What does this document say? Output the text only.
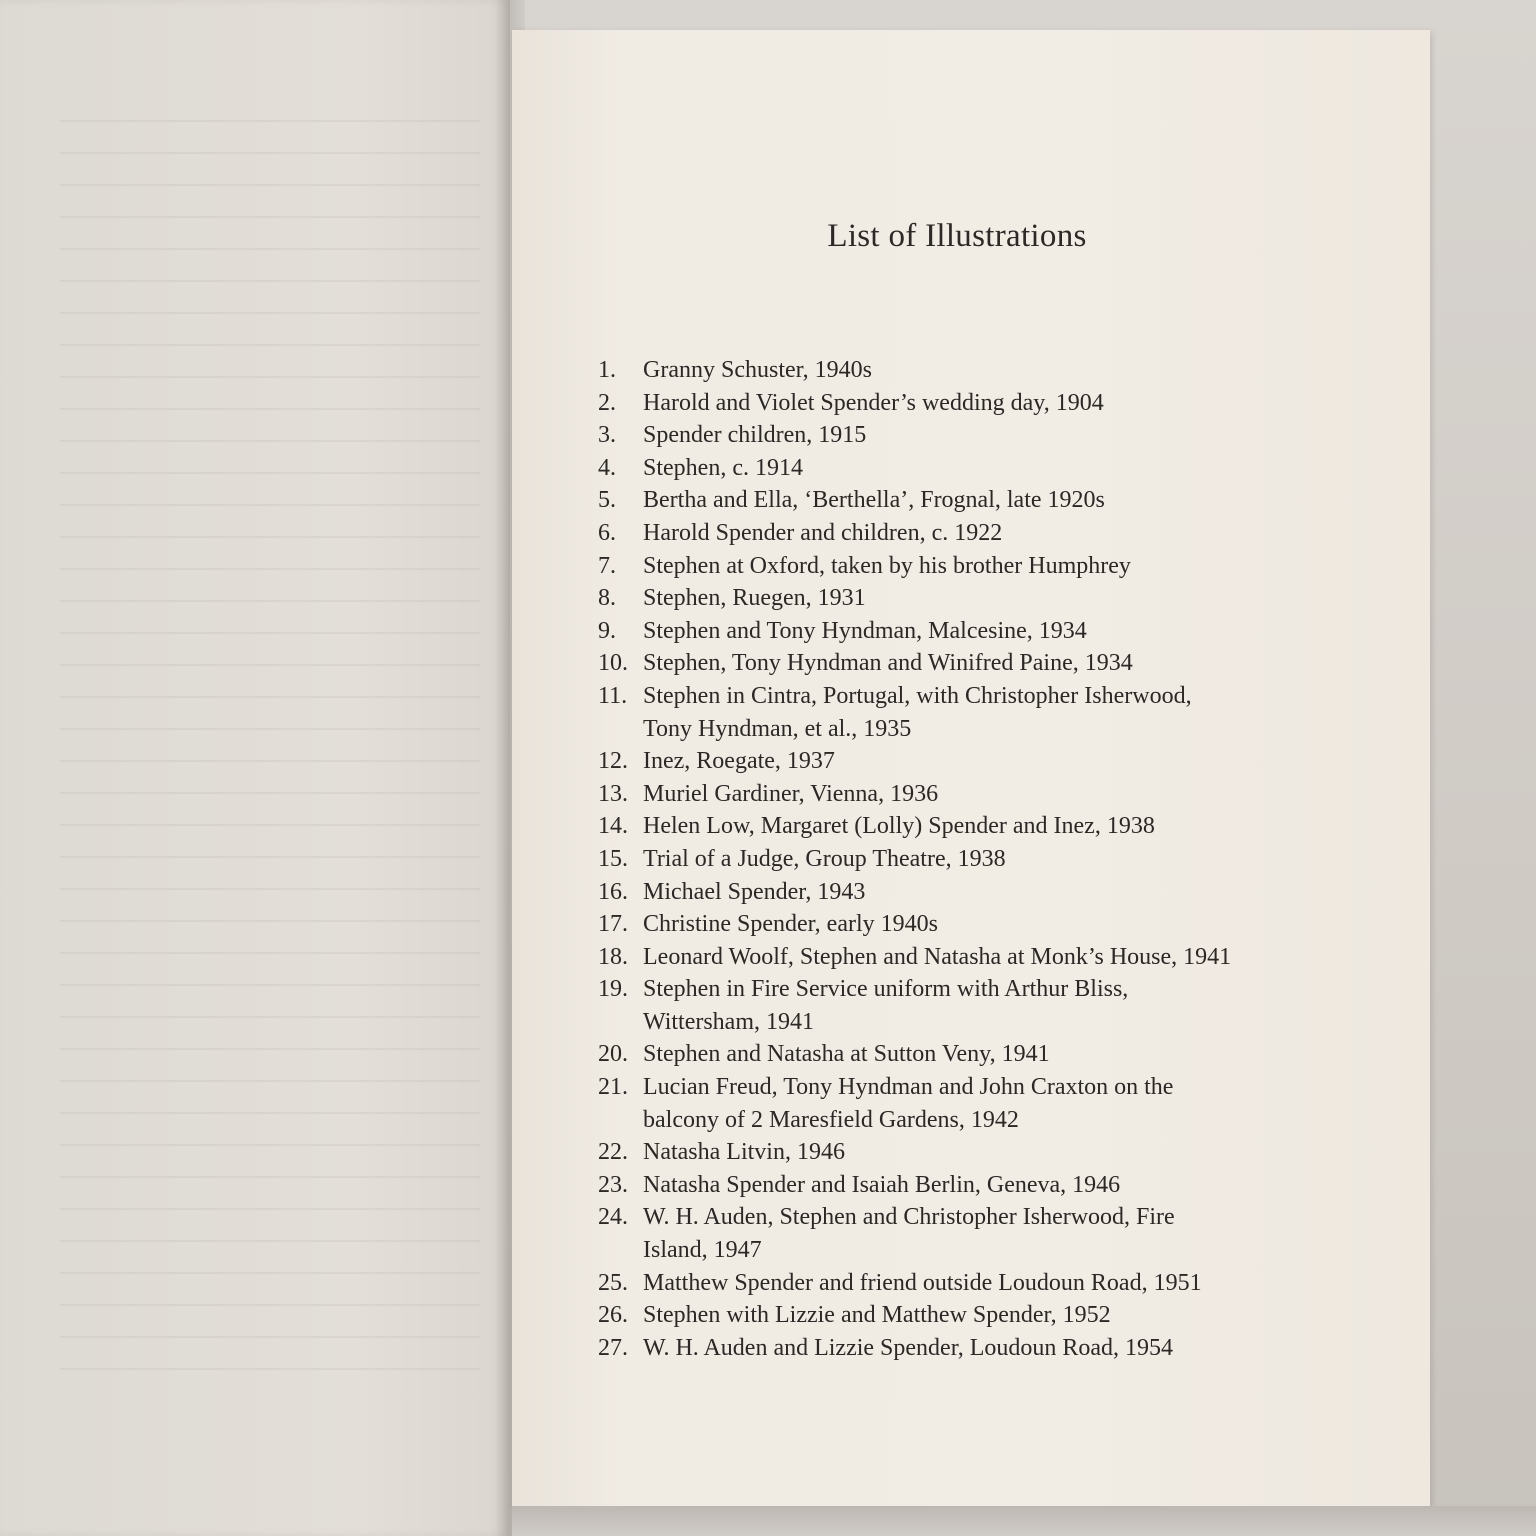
List of Illustrations
1.	Granny Schuster, 1940s
2.	Harold and Violet Spender’s wedding day, 1904
3.	Spender children, 1915
4.	Stephen, c. 1914
5.	Bertha and Ella, ‘Berthella’, Frognal, late 1920s
6.	Harold Spender and children, c. 1922
7.	Stephen at Oxford, taken by his brother Humphrey
8.	Stephen, Ruegen, 1931
9.	Stephen and Tony Hyndman, Malcesine, 1934
10. Stephen, Tony Hyndman and Winifred Paine, 1934
11. Stephen in Cintra, Portugal, with Christopher Isherwood,
Tony Hyndman, et al., 1935
12. Inez, Roegate, 1937
13. Muriel Gardiner, Vienna, 1936
14. Helen Low, Margaret (Lolly) Spender and Inez, 1938
15. Trial of a Judge, Group Theatre, 1938
16. Michael Spender, 1943
17. Christine Spender, early 1940s
18. Leonard Woolf, Stephen and Natasha at Monk’s House, 1941
19. Stephen in Fire Service uniform with Arthur Bliss,
Wittersham, 1941
20. Stephen and Natasha at Sutton Veny, 1941
21. Lucian Freud, Tony Hyndman and John Craxton on the
balcony of 2 Maresfield Gardens, 1942
22. Natasha Litvin, 1946
23. Natasha Spender and Isaiah Berlin, Geneva, 1946
24. W. H. Auden, Stephen and Christopher Isherwood, Fire
Island, 1947
25. Matthew Spender and friend outside Loudoun Road, 1951
26. Stephen with Lizzie and Matthew Spender, 1952
27. W. H. Auden and Lizzie Spender, Loudoun Road, 1954
